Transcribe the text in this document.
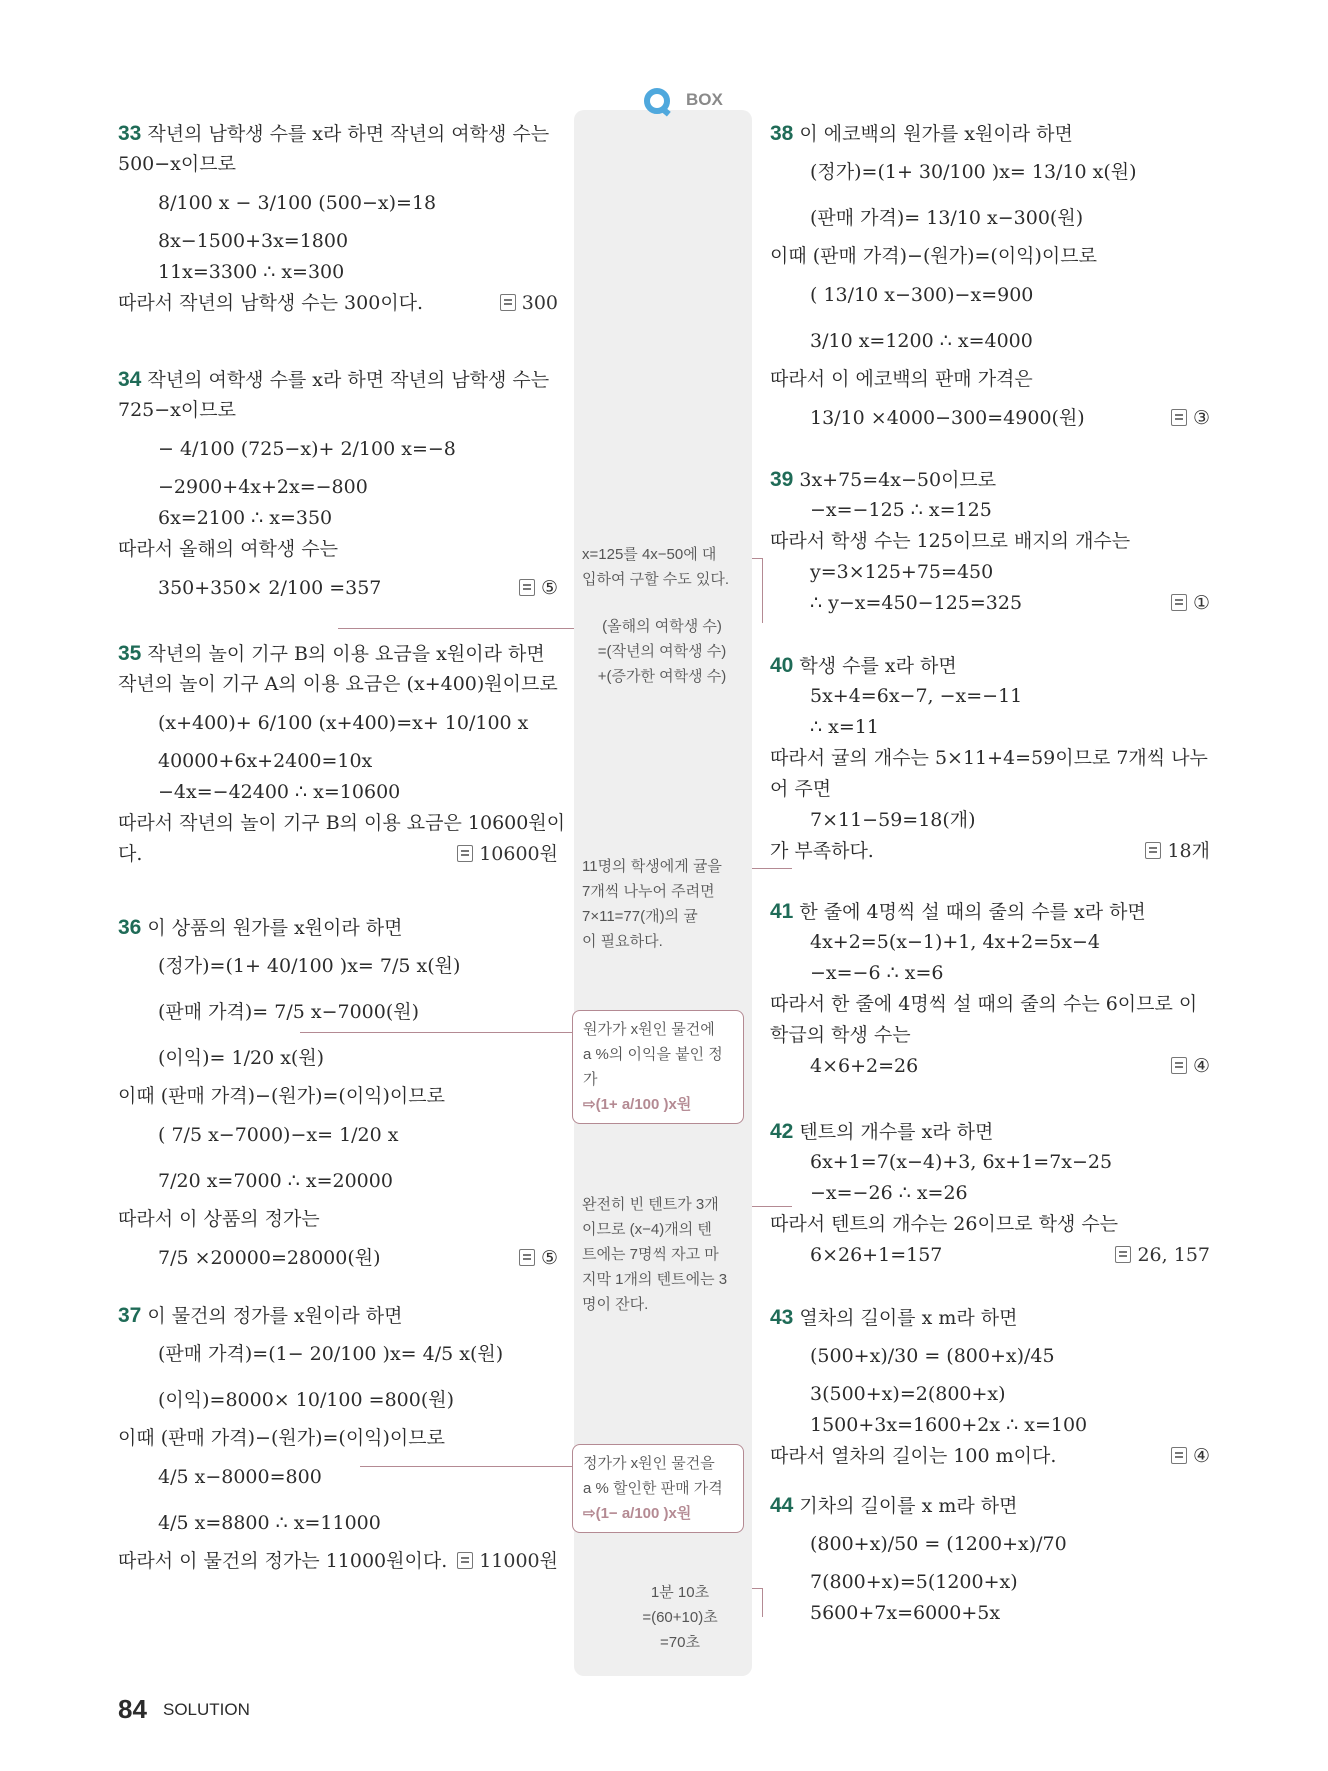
BOX
33 작년의 남학생 수를 x라 하면 작년의 여학생 수는
500−x이므로
8/100 x − 3/100 (500−x)=18
8x−1500+3x=1800
11x=3300 ∴ x=300
따라서 작년의 남학생 수는 300이다.	300
34 작년의 여학생 수를 x라 하면 작년의 남학생 수는
725−x이므로
− 4/100 (725−x)+ 2/100 x=−8
−2900+4x+2x=−800
6x=2100 ∴ x=350
따라서 올해의 여학생 수는
350+350× 2/100 =357	⑤
35 작년의 놀이 기구 B의 이용 요금을 x원이라 하면
작년의 놀이 기구 A의 이용 요금은 (x+400)원이므로
(x+400)+ 6/100 (x+400)=x+ 10/100 x
40000+6x+2400=10x
−4x=−42400 ∴ x=10600
따라서 작년의 놀이 기구 B의 이용 요금은 10600원이
다.	10600원
36 이 상품의 원가를 x원이라 하면
(정가)=(1+ 40/100 )x= 7/5 x(원)
(판매 가격)= 7/5 x−7000(원)
(이익)= 1/20 x(원)
이때 (판매 가격)−(원가)=(이익)이므로
( 7/5 x−7000)−x= 1/20 x
7/20 x=7000 ∴ x=20000
따라서 이 상품의 정가는
7/5 ×20000=28000(원)	⑤
37 이 물건의 정가를 x원이라 하면
(판매 가격)=(1− 20/100 )x= 4/5 x(원)
(이익)=8000× 10/100 =800(원)
이때 (판매 가격)−(원가)=(이익)이므로
4/5 x−8000=800
4/5 x=8800 ∴ x=11000
따라서 이 물건의 정가는 11000원이다.	11000원
38 이 에코백의 원가를 x원이라 하면
(정가)=(1+ 30/100 )x= 13/10 x(원)
(판매 가격)= 13/10 x−300(원)
이때 (판매 가격)−(원가)=(이익)이므로
( 13/10 x−300)−x=900
3/10 x=1200 ∴ x=4000
따라서 이 에코백의 판매 가격은
13/10 ×4000−300=4900(원)	③
39 3x+75=4x−50이므로
−x=−125 ∴ x=125
따라서 학생 수는 125이므로 배지의 개수는
y=3×125+75=450
∴ y−x=450−125=325	①
40 학생 수를 x라 하면
5x+4=6x−7, −x=−11
∴ x=11
따라서 귤의 개수는 5×11+4=59이므로 7개씩 나누
어 주면
7×11−59=18(개)
가 부족하다.	18개
41 한 줄에 4명씩 설 때의 줄의 수를 x라 하면
4x+2=5(x−1)+1, 4x+2=5x−4
−x=−6 ∴ x=6
따라서 한 줄에 4명씩 설 때의 줄의 수는 6이므로 이
학급의 학생 수는
4×6+2=26	④
42 텐트의 개수를 x라 하면
6x+1=7(x−4)+3, 6x+1=7x−25
−x=−26 ∴ x=26
따라서 텐트의 개수는 26이므로 학생 수는
6×26+1=157	26, 157
43 열차의 길이를 x m라 하면
(500+x)/30 = (800+x)/45
3(500+x)=2(800+x)
1500+3x=1600+2x ∴ x=100
따라서 열차의 길이는 100 m이다.	④
44 기차의 길이를 x m라 하면
(800+x)/50 = (1200+x)/70
7(800+x)=5(1200+x)
5600+7x=6000+5x
x=125를 4x−50에 대
입하여 구할 수도 있다.
(올해의 여학생 수)
=(작년의 여학생 수)
+(증가한 여학생 수)
11명의 학생에게 귤을
7개씩 나누어 주려면
7×11=77(개)의 귤
이 필요하다.
원가가 x원인 물건에
a %의 이익을 붙인 정
가
⇨(1+ a/100 )x원
완전히 빈 텐트가 3개
이므로 (x−4)개의 텐
트에는 7명씩 자고 마
지막 1개의 텐트에는 3
명이 잔다.
정가가 x원인 물건을
a % 할인한 판매 가격
⇨(1− a/100 )x원
1분 10초
=(60+10)초
=70초
84 SOLUTION
